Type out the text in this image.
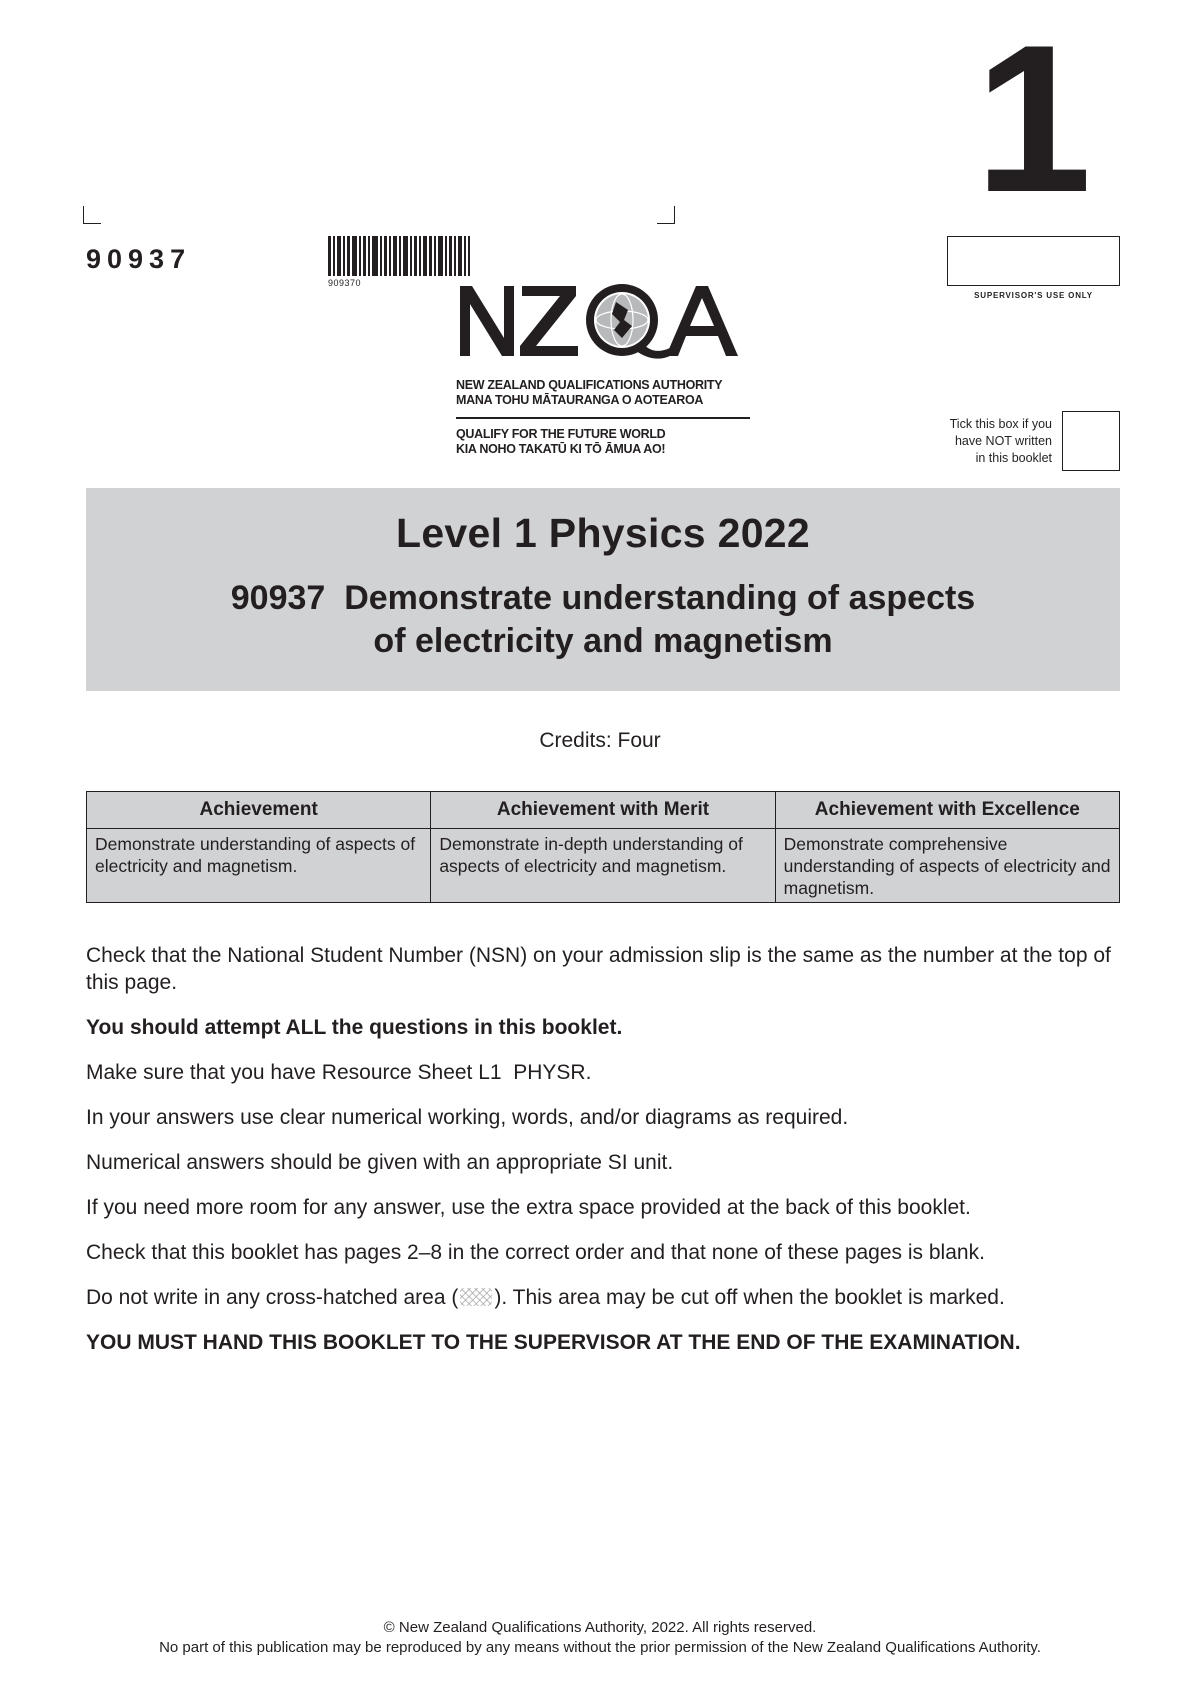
90937
909370
1
SUPERVISOR'S USE ONLY
NEW ZEALAND QUALIFICATIONS AUTHORITY
MANA TOHU MĀTAURANGA O AOTEAROA
QUALIFY FOR THE FUTURE WORLD
KIA NOHO TAKATŪ KI TŌ ĀMUA AO!
Tick this box if you
have NOT written
in this booklet
Level 1 Physics 2022
90937  Demonstrate understanding of aspects
of electricity and magnetism
Credits: Four
Achievement	Achievement with Merit	Achievement with Excellence
Demonstrate understanding of aspects of electricity and magnetism.	Demonstrate in-depth understanding of aspects of electricity and magnetism.	Demonstrate comprehensive understanding of aspects of electricity and magnetism.

Check that the National Student Number (NSN) on your admission slip is the same as the number at the top of this page.

You should attempt ALL the questions in this booklet.

Make sure that you have Resource Sheet L1  PHYSR.

In your answers use clear numerical working, words, and/or diagrams as required.

Numerical answers should be given with an appropriate SI unit.

If you need more room for any answer, use the extra space provided at the back of this booklet.

Check that this booklet has pages 2–8 in the correct order and that none of these pages is blank.

Do not write in any cross-hatched area ( ). This area may be cut off when the booklet is marked.

YOU MUST HAND THIS BOOKLET TO THE SUPERVISOR AT THE END OF THE EXAMINATION.

© New Zealand Qualifications Authority, 2022. All rights reserved.
No part of this publication may be reproduced by any means without the prior permission of the New Zealand Qualifications Authority.
